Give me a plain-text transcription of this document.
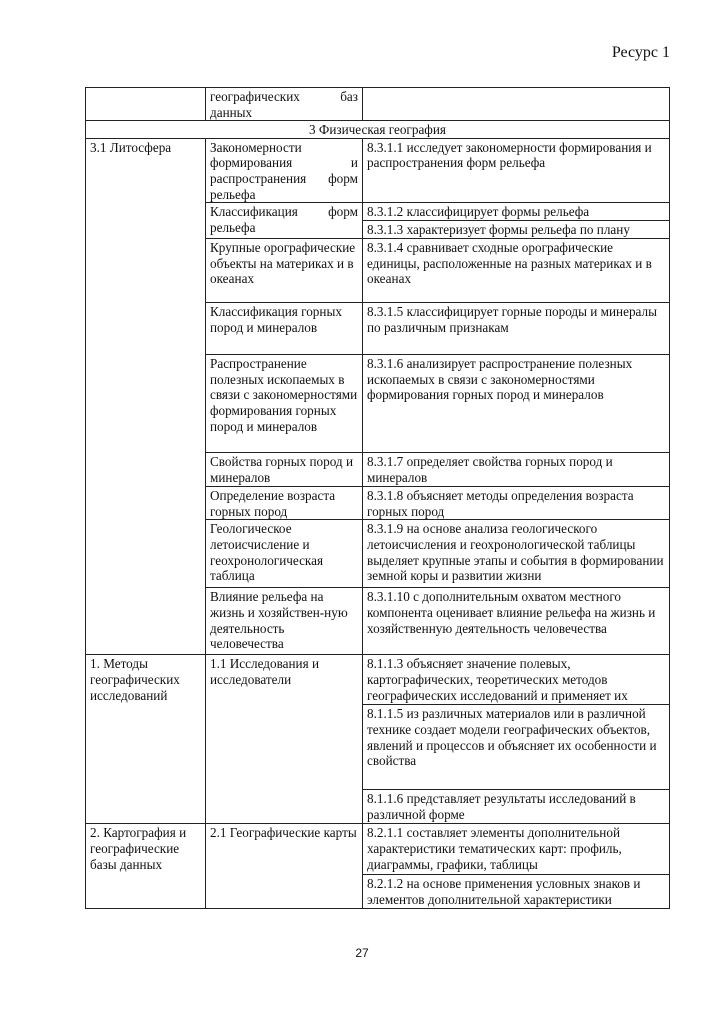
Ресурс 1
	географических баз данных	
3 Физическая география		
3.1 Литосфера	Закономерности формирования и распространения форм рельефа	8.3.1.1 исследует закономерности формирования и распространения форм рельефа
	Классификация форм рельефа	8.3.1.2 классифицирует формы рельефа
		8.3.1.3 характеризует формы рельефа по плану
	Крупные орографические объекты на материках и в океанах	8.3.1.4 сравнивает сходные орографические единицы, расположенные на разных материках и в океанах
	Классификация горных пород и минералов	8.3.1.5 классифицирует горные породы и минералы по различным признакам
	Распространение полезных ископаемых в связи с закономерностями формирования горных пород и минералов	8.3.1.6 анализирует распространение полезных ископаемых в связи с закономерностями формирования горных пород и минералов
	Свойства горных пород и минералов	8.3.1.7 определяет свойства горных пород и минералов
	Определение возраста горных пород	8.3.1.8 объясняет методы определения возраста горных пород
	Геологическое летоисчисление и геохронологическая таблица	8.3.1.9 на основе анализа геологического летоисчисления и геохронологической таблицы выделяет крупные этапы и события в формировании земной коры и развитии жизни
	Влияние рельефа на жизнь и хозяйствен-ную деятельность человечества	8.3.1.10 с дополнительным охватом местного компонента оценивает влияние рельефа на жизнь и хозяйственную деятельность человечества
1. Методы географических исследований	1.1 Исследования и исследователи	8.1.1.3 объясняет значение полевых, картографических, теоретических методов географических исследований и применяет их
		8.1.1.5 из различных материалов или в различной технике создает модели географических объектов, явлений и процессов и объясняет их особенности и свойства
		8.1.1.6 представляет результаты исследований в различной форме
2. Картография и географические базы данных	2.1 Географические карты	8.2.1.1 составляет элементы дополнительной характеристики тематических карт: профиль, диаграммы, графики, таблицы
		8.2.1.2 на основе применения условных знаков и элементов дополнительной характеристики
27
